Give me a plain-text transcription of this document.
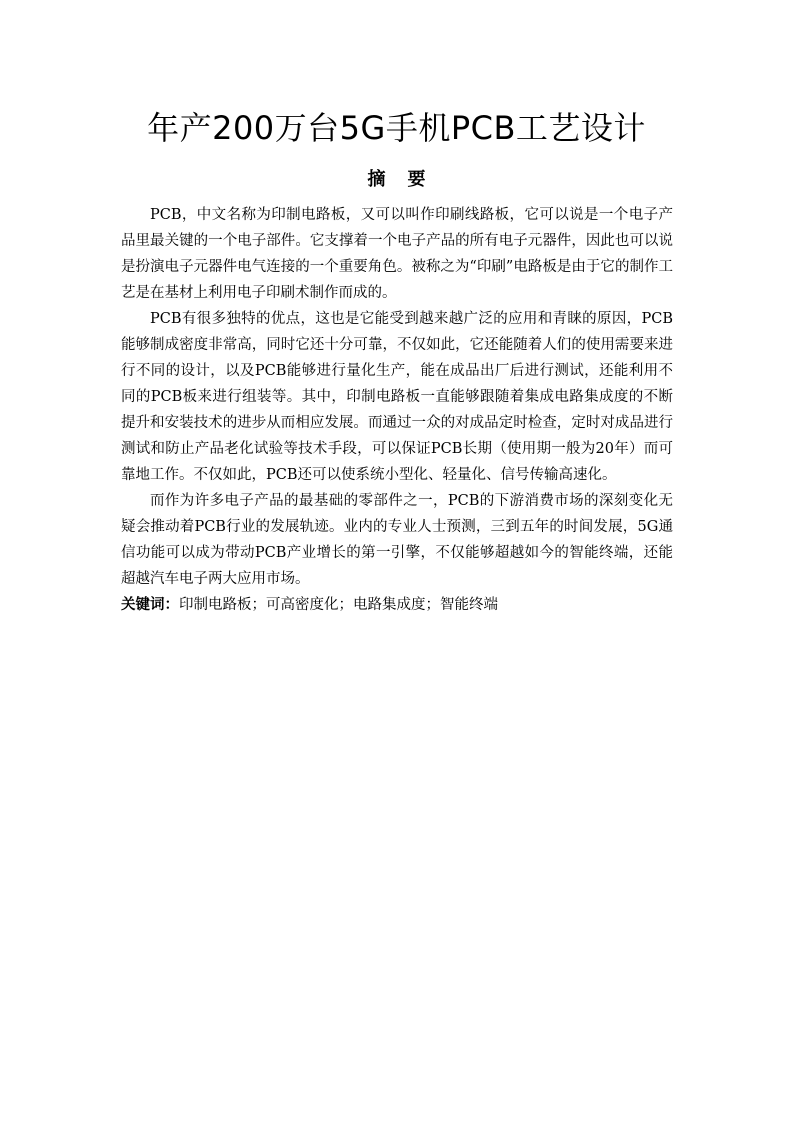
年产200万台5G手机PCB工艺设计
摘 要

PCB，中文名称为印制电路板，又可以叫作印刷线路板，它可以说是一个电子产品里最关键的一个电子部件。它支撑着一个电子产品的所有电子元器件，因此也可以说是扮演电子元器件电气连接的一个重要角色。被称之为“印刷”电路板是由于它的制作工艺是在基材上利用电子印刷术制作而成的。

PCB有很多独特的优点，这也是它能受到越来越广泛的应用和青睐的原因，PCB能够制成密度非常高，同时它还十分可靠，不仅如此，它还能随着人们的使用需要来进行不同的设计，以及PCB能够进行量化生产，能在成品出厂后进行测试，还能利用不同的PCB板来进行组装等。其中，印制电路板一直能够跟随着集成电路集成度的不断提升和安装技术的进步从而相应发展。而通过一众的对成品定时检查，定时对成品进行测试和防止产品老化试验等技术手段，可以保证PCB长期（使用期一般为20年）而可靠地工作。不仅如此，PCB还可以使系统小型化、轻量化、信号传输高速化。

而作为许多电子产品的最基础的零部件之一，PCB的下游消费市场的深刻变化无疑会推动着PCB行业的发展轨迹。业内的专业人士预测，三到五年的时间发展，5G通信功能可以成为带动PCB产业增长的第一引擎，不仅能够超越如今的智能终端，还能超越汽车电子两大应用市场。

关键词：印制电路板；可高密度化；电路集成度；智能终端
